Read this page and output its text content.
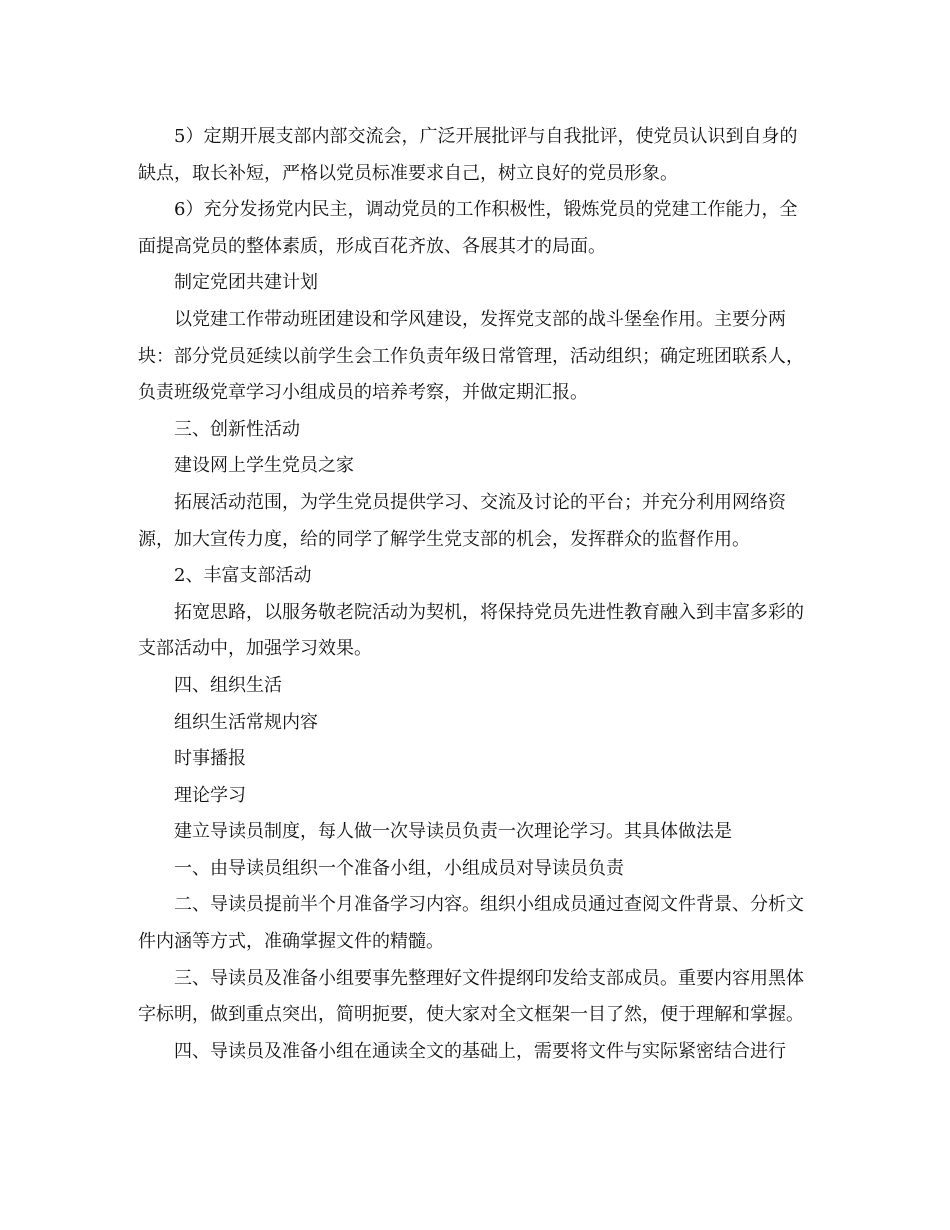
5）定期开展支部内部交流会，广泛开展批评与自我批评，使党员认识到自身的缺点，取长补短，严格以党员标准要求自己，树立良好的党员形象。

6）充分发扬党内民主，调动党员的工作积极性，锻炼党员的党建工作能力，全面提高党员的整体素质，形成百花齐放、各展其才的局面。

制定党团共建计划

以党建工作带动班团建设和学风建设，发挥党支部的战斗堡垒作用。主要分两块：部分党员延续以前学生会工作负责年级日常管理，活动组织；确定班团联系人，负责班级党章学习小组成员的培养考察，并做定期汇报。

三、创新性活动

建设网上学生党员之家

拓展活动范围，为学生党员提供学习、交流及讨论的平台；并充分利用网络资源，加大宣传力度，给的同学了解学生党支部的机会，发挥群众的监督作用。

2、丰富支部活动

拓宽思路，以服务敬老院活动为契机，将保持党员先进性教育融入到丰富多彩的支部活动中，加强学习效果。

四、组织生活

组织生活常规内容

时事播报

理论学习

建立导读员制度，每人做一次导读员负责一次理论学习。其具体做法是

一、由导读员组织一个准备小组，小组成员对导读员负责

二、导读员提前半个月准备学习内容。组织小组成员通过查阅文件背景、分析文件内涵等方式，准确掌握文件的精髓。

三、导读员及准备小组要事先整理好文件提纲印发给支部成员。重要内容用黑体字标明，做到重点突出，简明扼要，使大家对全文框架一目了然，便于理解和掌握。

四、导读员及准备小组在通读全文的基础上，需要将文件与实际紧密结合进行
